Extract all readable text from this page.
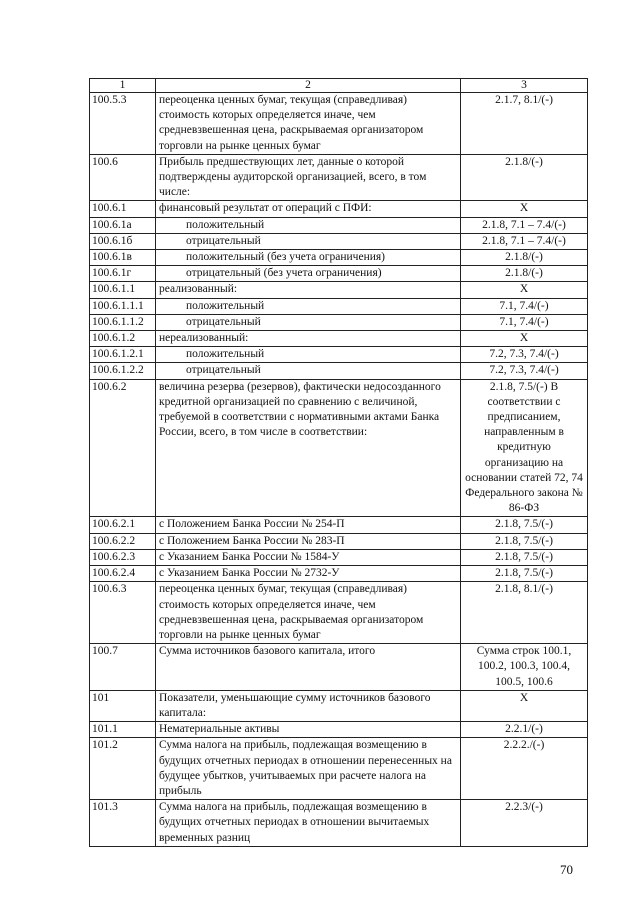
1	2	3
100.5.3	переоценка ценных бумаг, текущая (справедливая) стоимость которых определяется иначе, чем средневзвешенная цена, раскрываемая организатором торговли на рынке ценных бумаг	2.1.7, 8.1/(-)
100.6	Прибыль предшествующих лет, данные о которой подтверждены аудиторской организацией, всего, в том числе:	2.1.8/(-)
100.6.1	финансовый результат от операций с ПФИ:	X
100.6.1а	положительный	2.1.8, 7.1 – 7.4/(-)
100.6.1б	отрицательный	2.1.8, 7.1 – 7.4/(-)
100.6.1в	положительный (без учета ограничения)	2.1.8/(-)
100.6.1г	отрицательный (без учета ограничения)	2.1.8/(-)
100.6.1.1	реализованный:	X
100.6.1.1.1	положительный	7.1, 7.4/(-)
100.6.1.1.2	отрицательный	7.1, 7.4/(-)
100.6.1.2	нереализованный:	X
100.6.1.2.1	положительный	7.2, 7.3, 7.4/(-)
100.6.1.2.2	отрицательный	7.2, 7.3, 7.4/(-)
100.6.2	величина резерва (резервов), фактически недосозданного кредитной организацией по сравнению с величиной, требуемой в соответствии с нормативными актами Банка России, всего, в том числе в соответствии:	2.1.8, 7.5/(-) В соответствии с предписанием, направленным в кредитную организацию на основании статей 72, 74 Федерального закона № 86-ФЗ
100.6.2.1	с Положением Банка России № 254-П	2.1.8, 7.5/(-)
100.6.2.2	с Положением Банка России № 283-П	2.1.8, 7.5/(-)
100.6.2.3	с Указанием Банка России № 1584-У	2.1.8, 7.5/(-)
100.6.2.4	с Указанием Банка России № 2732-У	2.1.8, 7.5/(-)
100.6.3	переоценка ценных бумаг, текущая (справедливая) стоимость которых определяется иначе, чем средневзвешенная цена, раскрываемая организатором торговли на рынке ценных бумаг	2.1.8, 8.1/(-)
100.7	Сумма источников базового капитала, итого	Сумма строк 100.1, 100.2, 100.3, 100.4, 100.5, 100.6
101	Показатели, уменьшающие сумму источников базового капитала:	X
101.1	Нематериальные активы	2.2.1/(-)
101.2	Сумма налога на прибыль, подлежащая возмещению в будущих отчетных периодах в отношении перенесенных на будущее убытков, учитываемых при расчете налога на прибыль	2.2.2./(-)
101.3	Сумма налога на прибыль, подлежащая возмещению в будущих отчетных периодах в отношении вычитаемых временных разниц	2.2.3/(-)
70
